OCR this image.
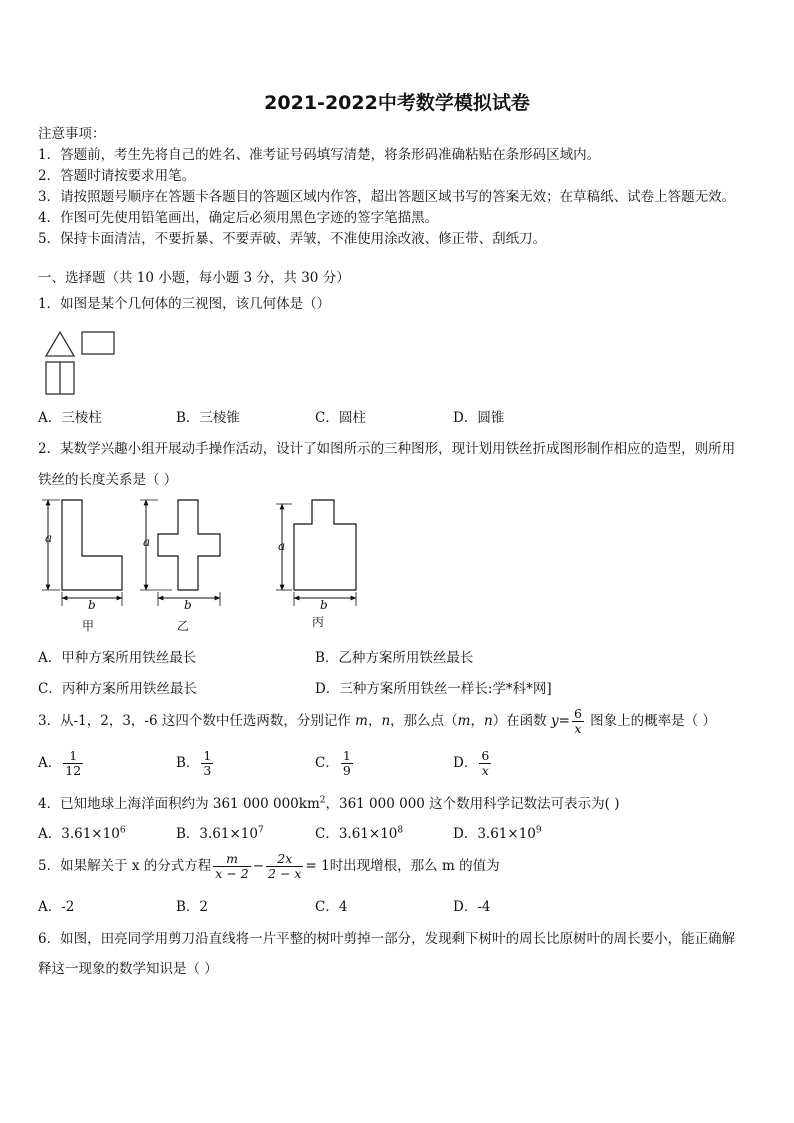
2021-2022中考数学模拟试卷
注意事项：
1．答题前，考生先将自己的姓名、准考证号码填写清楚，将条形码准确粘贴在条形码区域内。
2．答题时请按要求用笔。
3．请按照题号顺序在答题卡各题目的答题区域内作答，超出答题区域书写的答案无效；在草稿纸、试卷上答题无效。
4．作图可先使用铅笔画出，确定后必须用黑色字迹的签字笔描黑。
5．保持卡面清洁，不要折暴、不要弄破、弄皱，不准使用涂改液、修正带、刮纸刀。
一、选择题（共 10 小题，每小题 3 分，共 30 分）
1．如图是某个几何体的三视图，该几何体是（）
A．三棱柱	B．三棱锥	C．圆柱	D．圆锥
2．某数学兴趣小组开展动手操作活动，设计了如图所示的三种图形，现计划用铁丝折成图形制作相应的造型，则所用
铁丝的长度关系是（ ）
a
b
甲
a
b
乙
a
b
丙
A．甲种方案所用铁丝最长	B．乙种方案所用铁丝最长
C．丙种方案所用铁丝最长	D．三种方案所用铁丝一样长:学*科*网]
3．从-1，2，3，-6 这四个数中任选两数，分别记作 m，n，那么点（m，n）在函数 $y= \frac{6}{x}$ 图象上的概率是（ ）
A． $\frac{1}{12}$	B． $\frac{1}{3}$	C． $\frac{1}{9}$	D． $\frac{6}{x}$
4．已知地球上海洋面积约为 361 000 $000km^2$，361 000 000 这个数用科学记数法可表示为( )
A．$3.61\times 10^6$	B．$3.61\times 10^7$	C．$3.61\times 10^8$	D．$3.61\times 10^9$
5．如果解关于 x 的分式方程 $\frac{m}{x - 2} - \frac{2x}{2 - x} = 1$时出现增根，那么 m 的值为
A．-2	B．2	C．4	D．-4
6．如图，田亮同学用剪刀沿直线将一片平整的树叶剪掉一部分，发现剩下树叶的周长比原树叶的周长要小，能正确解
释这一现象的数学知识是（ ）
